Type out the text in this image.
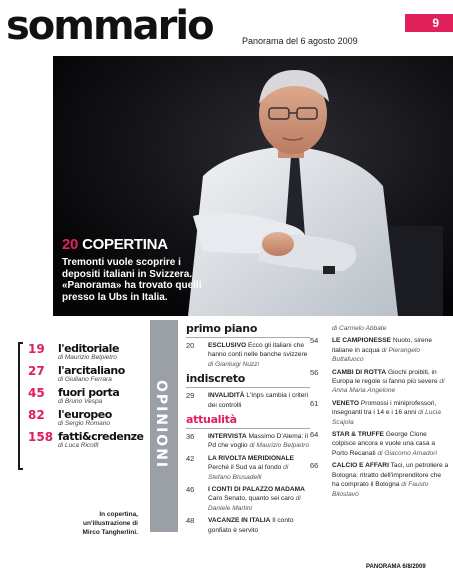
sommario	Panorama del 6 agosto 2009
9
20 COPERTINA
Tremonti vuole scoprire i depositi italiani in Svizzera. «Panorama» ha trovato quelli presso la Ubs in Italia.
19 l'editoriale
di Maurizio Belpietro
27 l'arcitaliano
di Giuliano Ferrara
45 fuori porta
di Bruno Vespa
82 l'europeo
di Sergio Romano
158 fatti&credenze
di Luca Ricolfi	OPINIONI
In copertina,
un'illustrazione di
Mirco Tangherlini.
primo piano
20 ESCLUSIVO Ecco gli italiani che hanno conti nelle banche svizzere di Gianluigi Nuzzi
indiscreto
29 INVALIDITÀ L'Inps cambia i criteri dei controlli
attualità
36 INTERVISTA Massimo D'Alema: il Pd che voglio di Maurizio Belpietro
42 LA RIVOLTA MERIDIONALE Perché il Sud va al fondo di Stefano Brusadelli
46 I CONTI DI PALAZZO MADAMA Caro Senato, quanto sei caro di Daniele Martini
48 VACANZE IN ITALIA Il conto gonfiato è servito
di Carmelo Abbate
54 LE CAMPIONESSE Nuoto, sirene italiane in acqua di Pierangelo Buttafuoco
56 CAMBI DI ROTTA Giochi proibiti, in Europa le regole si fanno più severe di Anna Maria Angelone
61 VENETO Promossi i miniprofessori, insegnanti tra i 14 e i 16 anni di Lucia Scajola
64 STAR & TRUFFE George Clone colpisce ancora e vuole una casa a Porto Recanati di Giacomo Amadori
66 CALCIO E AFFARI Taci, un petroliere a Bologna: ritratto dell'imprenditore che ha comprato il Bologna di Fausto Bilostavo
PANORAMA 6/8/2009
